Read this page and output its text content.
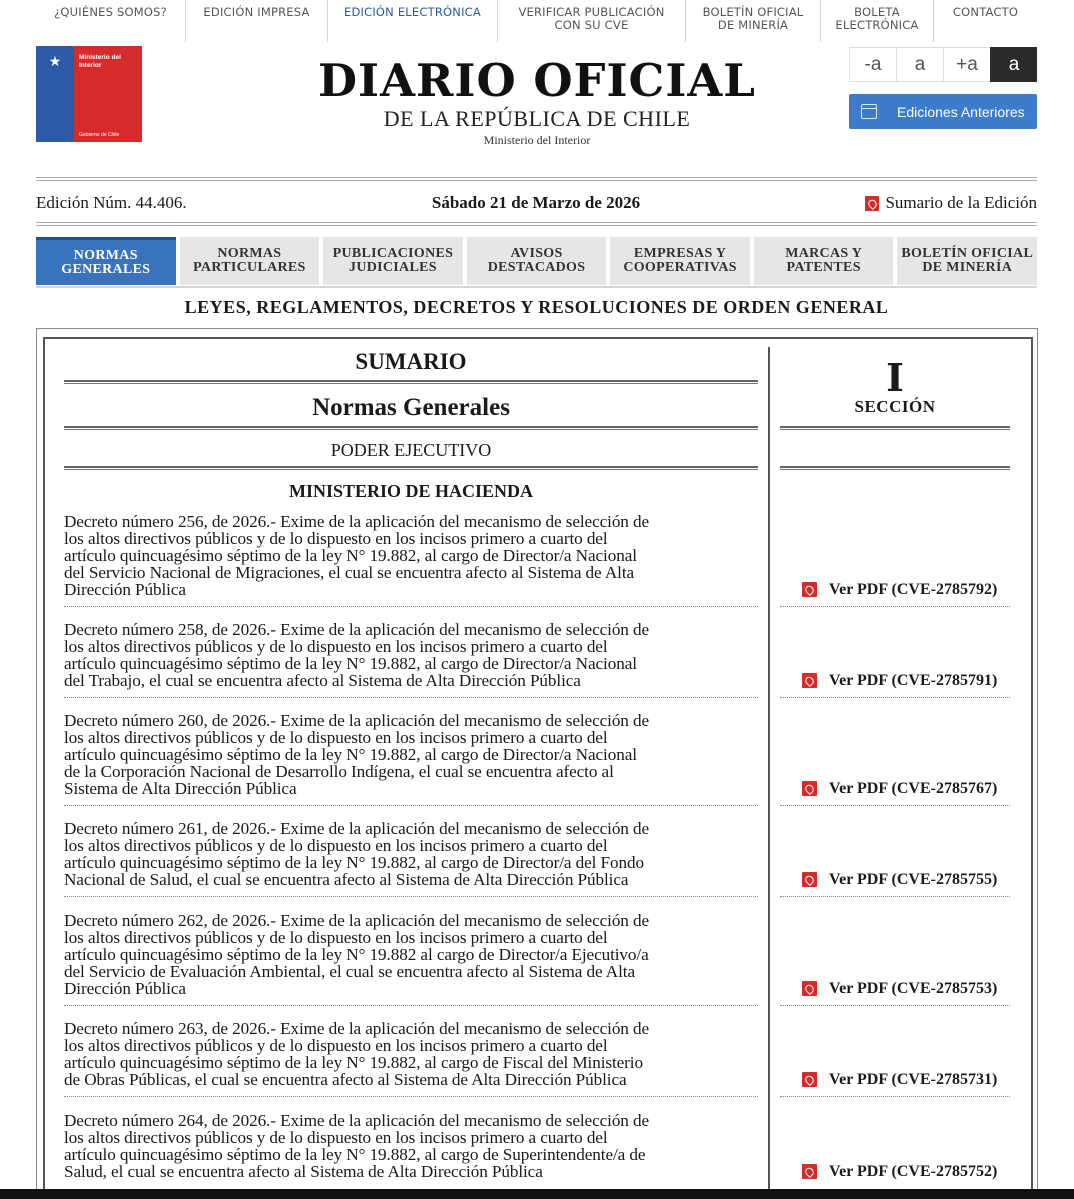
¿QUIÉNES SOMOS?	EDICIÓN IMPRESA	EDICIÓN ELECTRÓNICA	VERIFICAR PUBLICACIÓN
CON SU CVE
BOLETÍN OFICIAL
DE MINERÍA
BOLETA
ELECTRÓNICA
CONTACTO
★	Ministerio del Interior
Gobierno de Chile
DIARIO OFICIAL
DE LA REPÚBLICA DE CHILE
Ministerio del Interior
-a	a	+a	a
Ediciones Anteriores
Edición Núm. 44.406.	Sábado 21 de Marzo de 2026	Sumario de la Edición
NORMAS
GENERALES
NORMAS
PARTICULARES
PUBLICACIONES
JUDICIALES
AVISOS
DESTACADOS
EMPRESAS Y
COOPERATIVAS
MARCAS Y
PATENTES
BOLETÍN OFICIAL
DE MINERÍA
LEYES, REGLAMENTOS, DECRETOS Y RESOLUCIONES DE ORDEN GENERAL
SUMARIO
Normas Generales
PODER EJECUTIVO
MINISTERIO DE HACIENDA
I
SECCIÓN
Decreto número 256, de 2026.- Exime de la aplicación del mecanismo de selección de
los altos directivos públicos y de lo dispuesto en los incisos primero a cuarto del
artículo quincuagésimo séptimo de la ley N° 19.882, al cargo de Director/a Nacional
del Servicio Nacional de Migraciones, el cual se encuentra afecto al Sistema de Alta
Dirección Pública	Ver PDF (CVE-2785792)
Decreto número 258, de 2026.- Exime de la aplicación del mecanismo de selección de
los altos directivos públicos y de lo dispuesto en los incisos primero a cuarto del
artículo quincuagésimo séptimo de la ley N° 19.882, al cargo de Director/a Nacional
del Trabajo, el cual se encuentra afecto al Sistema de Alta Dirección Pública	Ver PDF (CVE-2785791)
Decreto número 260, de 2026.- Exime de la aplicación del mecanismo de selección de
los altos directivos públicos y de lo dispuesto en los incisos primero a cuarto del
artículo quincuagésimo séptimo de la ley N° 19.882, al cargo de Director/a Nacional
de la Corporación Nacional de Desarrollo Indígena, el cual se encuentra afecto al
Sistema de Alta Dirección Pública	Ver PDF (CVE-2785767)
Decreto número 261, de 2026.- Exime de la aplicación del mecanismo de selección de
los altos directivos públicos y de lo dispuesto en los incisos primero a cuarto del
artículo quincuagésimo séptimo de la ley N° 19.882, al cargo de Director/a del Fondo
Nacional de Salud, el cual se encuentra afecto al Sistema de Alta Dirección Pública	Ver PDF (CVE-2785755)
Decreto número 262, de 2026.- Exime de la aplicación del mecanismo de selección de
los altos directivos públicos y de lo dispuesto en los incisos primero a cuarto del
artículo quincuagésimo séptimo de la ley N° 19.882 al cargo de Director/a Ejecutivo/a
del Servicio de Evaluación Ambiental, el cual se encuentra afecto al Sistema de Alta
Dirección Pública	Ver PDF (CVE-2785753)
Decreto número 263, de 2026.- Exime de la aplicación del mecanismo de selección de
los altos directivos públicos y de lo dispuesto en los incisos primero a cuarto del
artículo quincuagésimo séptimo de la ley N° 19.882, al cargo de Fiscal del Ministerio
de Obras Públicas, el cual se encuentra afecto al Sistema de Alta Dirección Pública	Ver PDF (CVE-2785731)
Decreto número 264, de 2026.- Exime de la aplicación del mecanismo de selección de
los altos directivos públicos y de lo dispuesto en los incisos primero a cuarto del
artículo quincuagésimo séptimo de la ley N° 19.882, al cargo de Superintendente/a de
Salud, el cual se encuentra afecto al Sistema de Alta Dirección Pública	Ver PDF (CVE-2785752)
